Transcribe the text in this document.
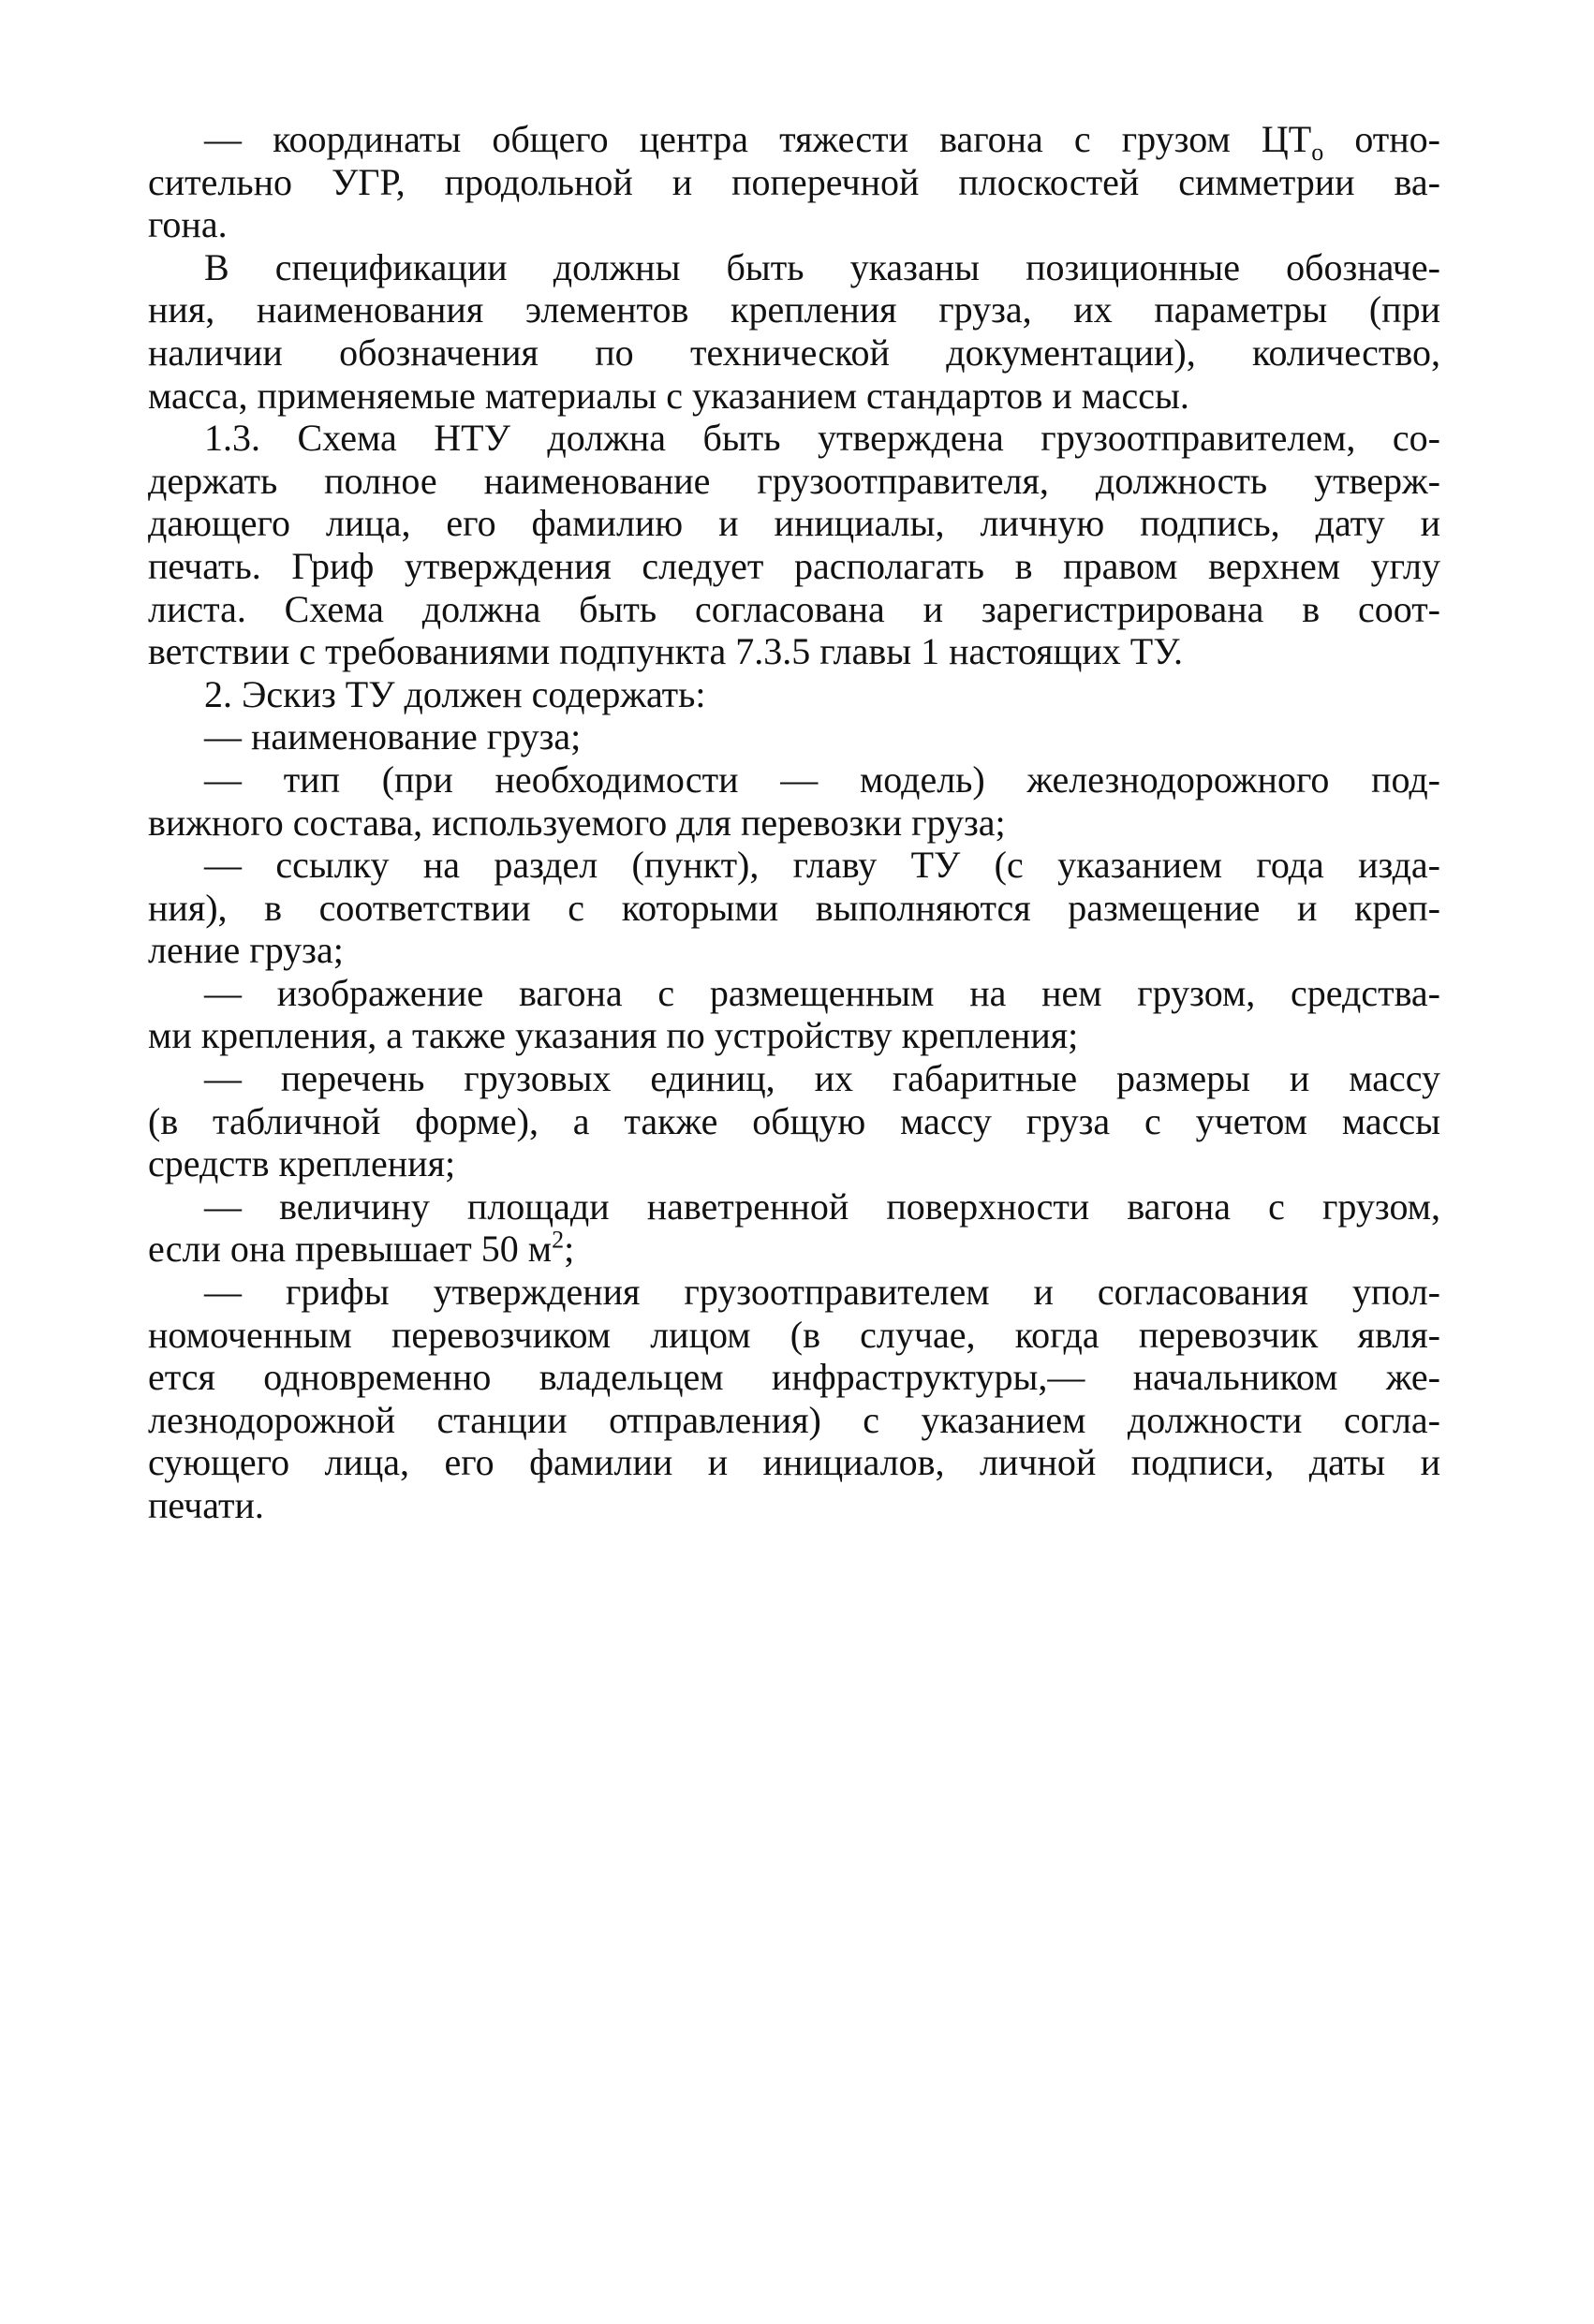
— координаты общего центра тяжести вагона с грузом $ЦТ_о$ отно-
сительно УГР, продольной и поперечной плоскостей симметрии ва-
гона.
В спецификации должны быть указаны позиционные обозначе-
ния, наименования элементов крепления груза, их параметры (при
наличии обозначения по технической документации), количество,
масса, применяемые материалы с указанием стандартов и массы.
1.3. Схема НТУ должна быть утверждена грузоотправителем, со-
держать полное наименование грузоотправителя, должность утверж-
дающего лица, его фамилию и инициалы, личную подпись, дату и
печать. Гриф утверждения следует располагать в правом верхнем углу
листа. Схема должна быть согласована и зарегистрирована в соот-
ветствии с требованиями подпункта 7.3.5 главы 1 настоящих ТУ.
2. Эскиз ТУ должен содержать:
— наименование груза;
— тип (при необходимости — модель) железнодорожного под-
вижного состава, используемого для перевозки груза;
— ссылку на раздел (пункт), главу ТУ (с указанием года изда-
ния), в соответствии с которыми выполняются размещение и креп-
ление груза;
— изображение вагона с размещенным на нем грузом, средства-
ми крепления, а также указания по устройству крепления;
— перечень грузовых единиц, их габаритные размеры и массу
(в табличной форме), а также общую массу груза с учетом массы
средств крепления;
— величину площади наветренной поверхности вагона с грузом,
если она превышает 50 $м^2$;
— грифы утверждения грузоотправителем и согласования упол-
номоченным перевозчиком лицом (в случае, когда перевозчик явля-
ется одновременно владельцем инфраструктуры,— начальником же-
лезнодорожной станции отправления) с указанием должности согла-
сующего лица, его фамилии и инициалов, личной подписи, даты и
печати.
